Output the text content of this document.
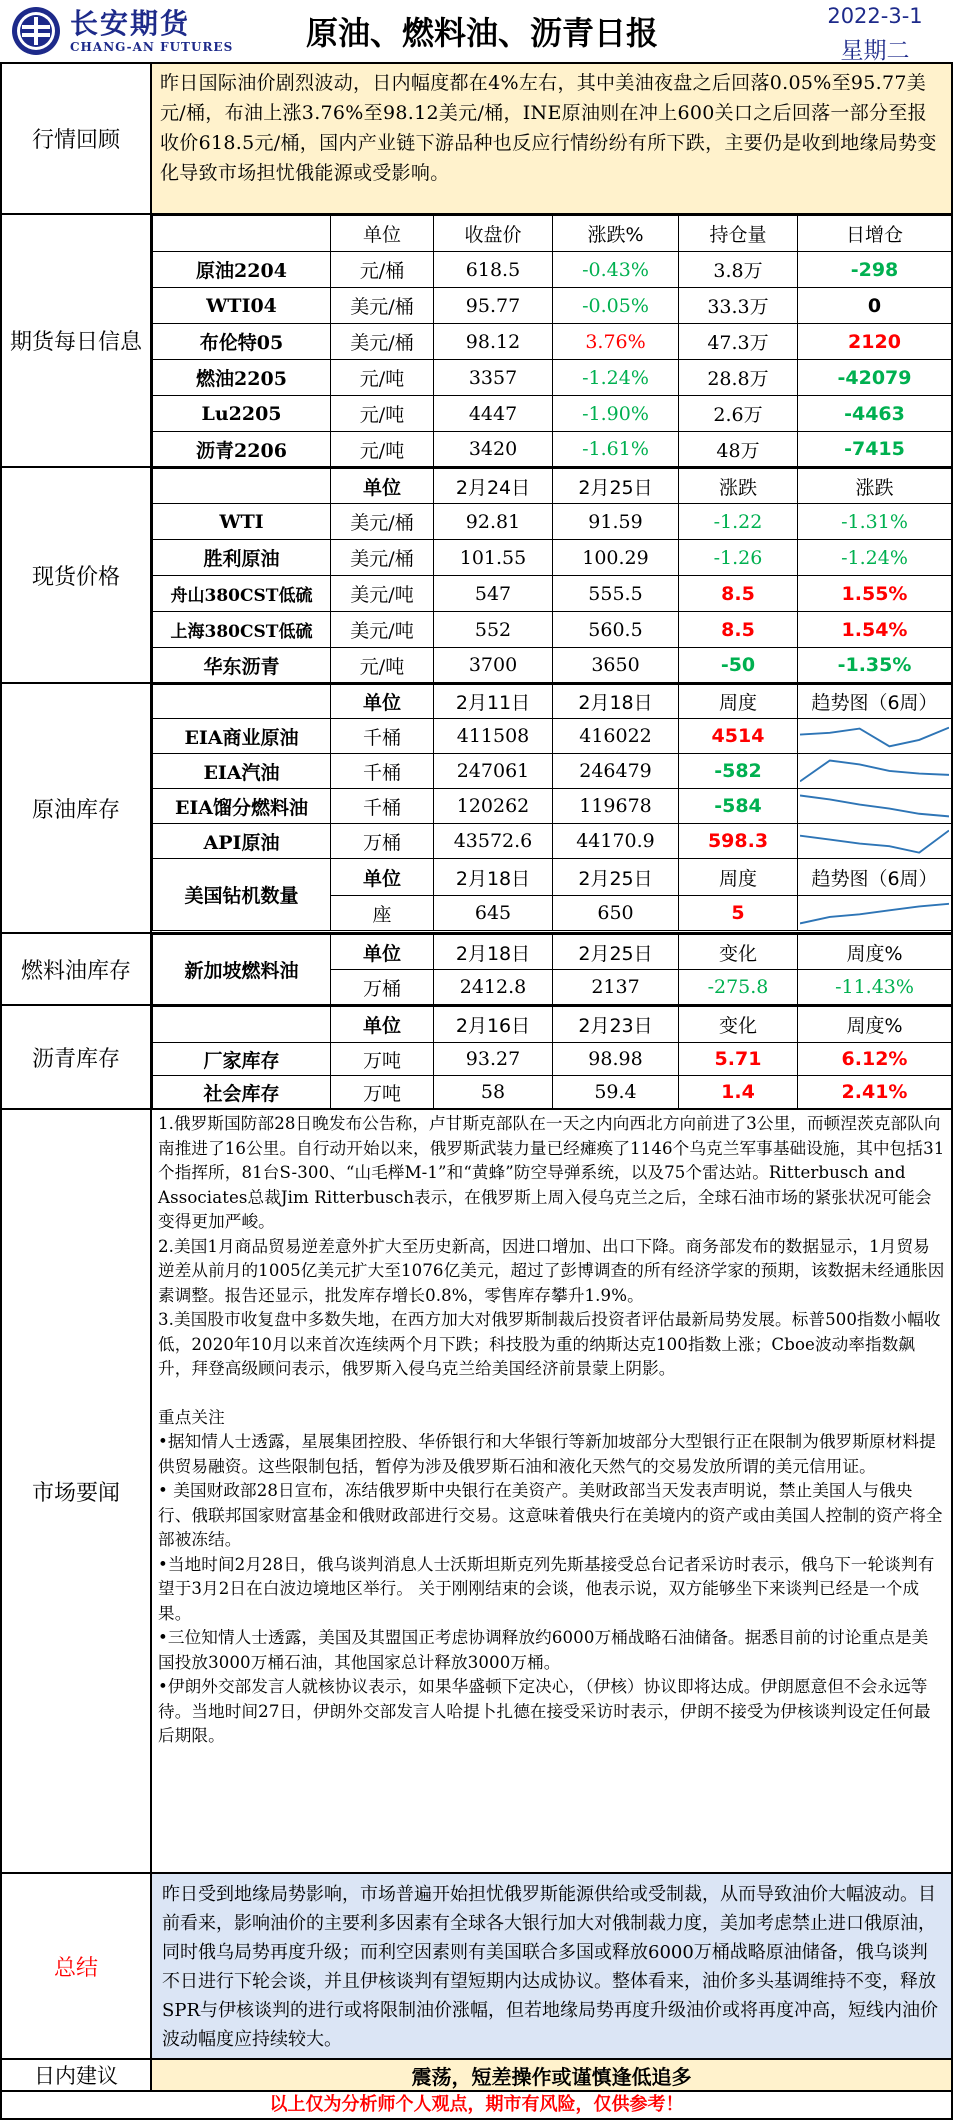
长安期货
CHANG-AN FUTURES	原油、燃料油、沥青日报	2022-3-1
星期二
行情回顾
昨日国际油价剧烈波动，日内幅度都在4%左右，其中美油夜盘之后回落0.05%至95.77美元/桶，布油上涨3.76%至98.12美元/桶，INE原油则在冲上600关口之后回落一部分至报收价618.5元/桶，国内产业链下游品种也反应行情纷纷有所下跌，主要仍是收到地缘局势变化导致市场担忧俄能源或受影响。
期货每日信息
	单位	收盘价	涨跌%	持仓量	日增仓
原油2204	元/桶	618.5	-0.43%	3.8万	-298
WTI04	美元/桶	95.77	-0.05%	33.3万	0
布伦特05	美元/桶	98.12	3.76%	47.3万	2120
燃油2205	元/吨	3357	-1.24%	28.8万	-42079
Lu2205	元/吨	4447	-1.90%	2.6万	-4463
沥青2206	元/吨	3420	-1.61%	48万	-7415
现货价格
	单位	2月24日	2月25日	涨跌	涨跌
WTI	美元/桶	92.81	91.59	-1.22	-1.31%
胜利原油	美元/桶	101.55	100.29	-1.26	-1.24%
舟山380CST低硫	美元/吨	547	555.5	8.5	1.55%
上海380CST低硫	美元/吨	552	560.5	8.5	1.54%
华东沥青	元/吨	3700	3650	-50	-1.35%
原油库存
	单位	2月11日	2月18日	周度	趋势图（6周）
EIA商业原油	千桶	411508	416022	4514	

EIA汽油	千桶	247061	246479	-582	

EIA馏分燃料油	千桶	120262	119678	-584	

API原油	万桶	43572.6	44170.9	598.3	

美国钻机数量	单位	2月18日	2月25日	周度	趋势图（6周）
	座	645	650	5	
燃料油库存	新加坡燃料油	单位	2月18日	2月25日	变化	周度%
	万桶	2412.8	2137	-275.8	-11.43%
沥青库存
	单位	2月16日	2月23日	变化	周度%
厂家库存	万吨	93.27	98.98	5.71	6.12%
社会库存	万吨	58	59.4	1.4	2.41%
市场要闻

1.俄罗斯国防部28日晚发布公告称，卢甘斯克部队在一天之内向西北方向前进了3公里，而顿涅茨克部队向南推进了16公里。自行动开始以来，俄罗斯武装力量已经瘫痪了1146个乌克兰军事基础设施，其中包括31个指挥所，81台S-300、“山毛榉M-1”和“黄蜂”防空导弹系统，以及75个雷达站。Ritterbusch and Associates总裁Jim Ritterbusch表示，在俄罗斯上周入侵乌克兰之后，全球石油市场的紧张状况可能会变得更加严峻。

2.美国1月商品贸易逆差意外扩大至历史新高，因进口增加、出口下降。商务部发布的数据显示，1月贸易逆差从前月的1005亿美元扩大至1076亿美元，超过了彭博调查的所有经济学家的预期，该数据未经通胀因素调整。报告还显示，批发库存增长0.8%，零售库存攀升1.9%。

3.美国股市收复盘中多数失地，在西方加大对俄罗斯制裁后投资者评估最新局势发展。标普500指数小幅收低，2020年10月以来首次连续两个月下跌；科技股为重的纳斯达克100指数上涨；Cboe波动率指数飙升，拜登高级顾问表示，俄罗斯入侵乌克兰给美国经济前景蒙上阴影。

重点关注

•据知情人士透露，星展集团控股、华侨银行和大华银行等新加坡部分大型银行正在限制为俄罗斯原材料提供贸易融资。这些限制包括，暂停为涉及俄罗斯石油和液化天然气的交易发放所谓的美元信用证。

• 美国财政部28日宣布，冻结俄罗斯中央银行在美资产。美财政部当天发表声明说，禁止美国人与俄央行、俄联邦国家财富基金和俄财政部进行交易。这意味着俄央行在美境内的资产或由美国人控制的资产将全部被冻结。

•当地时间2月28日，俄乌谈判消息人士沃斯坦斯克列先斯基接受总台记者采访时表示，俄乌下一轮谈判有望于3月2日在白波边境地区举行。 关于刚刚结束的会谈，他表示说，双方能够坐下来谈判已经是一个成果。

•三位知情人士透露，美国及其盟国正考虑协调释放约6000万桶战略石油储备。据悉目前的讨论重点是美国投放3000万桶石油，其他国家总计释放3000万桶。

•伊朗外交部发言人就核协议表示，如果华盛顿下定决心，（伊核）协议即将达成。伊朗愿意但不会永远等待。当地时间27日，伊朗外交部发言人哈提卜扎德在接受采访时表示，伊朗不接受为伊核谈判设定任何最后期限。

总结
昨日受到地缘局势影响，市场普遍开始担忧俄罗斯能源供给或受制裁，从而导致油价大幅波动。目前看来，影响油价的主要利多因素有全球各大银行加大对俄制裁力度，美加考虑禁止进口俄原油，同时俄乌局势再度升级；而利空因素则有美国联合多国或释放6000万桶战略原油储备，俄乌谈判不日进行下轮会谈，并且伊核谈判有望短期内达成协议。整体看来，油价多头基调维持不变，释放SPR与伊核谈判的进行或将限制油价涨幅，但若地缘局势再度升级油价或将再度冲高，短线内油价波动幅度应持续较大。
日内建议	震荡，短差操作或谨慎逢低追多
以上仅为分析师个人观点，期市有风险，仅供参考！
